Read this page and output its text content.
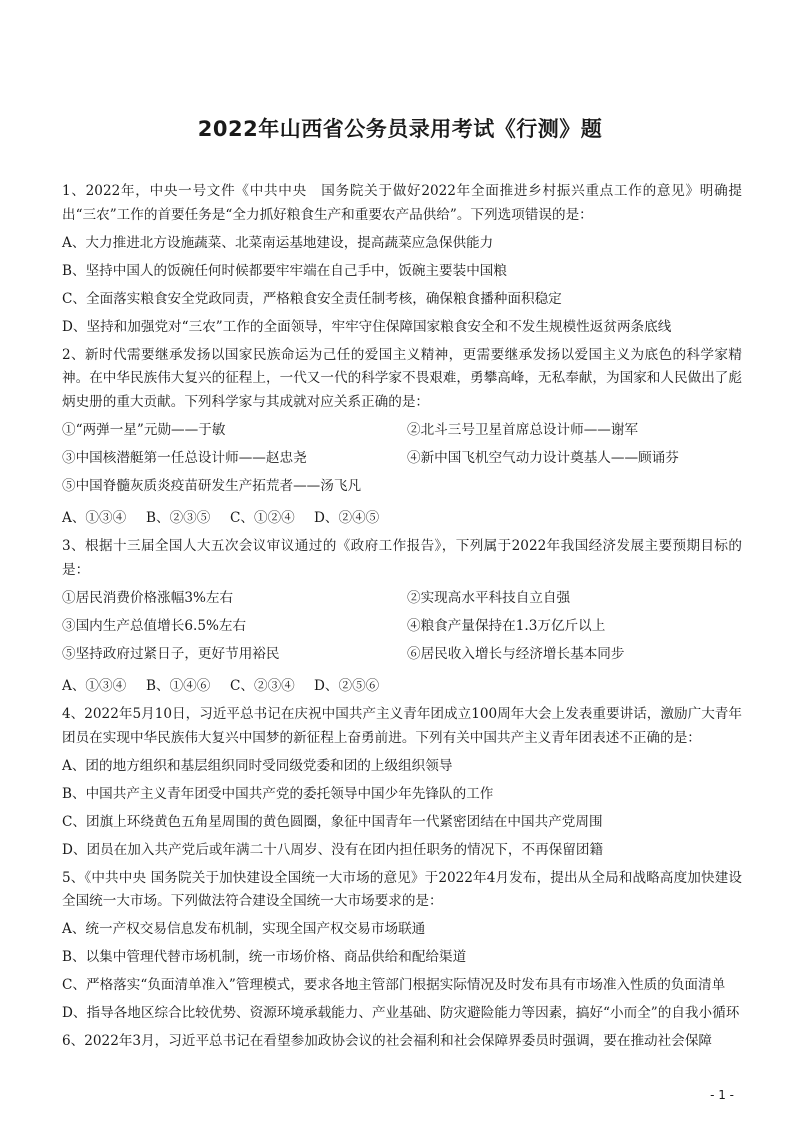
2022年山西省公务员录用考试《行测》题
1、2022年，中央一号文件《中共中央　国务院关于做好2022年全面推进乡村振兴重点工作的意见》明确提出“三农”工作的首要任务是“全力抓好粮食生产和重要农产品供给”。下列选项错误的是：
A、大力推进北方设施蔬菜、北菜南运基地建设，提高蔬菜应急保供能力
B、坚持中国人的饭碗任何时候都要牢牢端在自己手中，饭碗主要装中国粮
C、全面落实粮食安全党政同责，严格粮食安全责任制考核，确保粮食播种面积稳定
D、坚持和加强党对“三农”工作的全面领导，牢牢守住保障国家粮食安全和不发生规模性返贫两条底线
2、新时代需要继承发扬以国家民族命运为己任的爱国主义精神，更需要继承发扬以爱国主义为底色的科学家精神。在中华民族伟大复兴的征程上，一代又一代的科学家不畏艰难，勇攀高峰，无私奉献，为国家和人民做出了彪炳史册的重大贡献。下列科学家与其成就对应关系正确的是：
①“两弹一星”元勋——于敏	②北斗三号卫星首席总设计师——谢军
③中国核潜艇第一任总设计师——赵忠尧	④新中国飞机空气动力设计奠基人——顾诵芬
⑤中国脊髓灰质炎疫苗研发生产拓荒者——汤飞凡
A、①③④	B、②③⑤	C、①②④	D、②④⑤
3、根据十三届全国人大五次会议审议通过的《政府工作报告》，下列属于2022年我国经济发展主要预期目标的是：
①居民消费价格涨幅3%左右	②实现高水平科技自立自强
③国内生产总值增长6.5%左右	④粮食产量保持在1.3万亿斤以上
⑤坚持政府过紧日子，更好节用裕民	⑥居民收入增长与经济增长基本同步
A、①③④	B、①④⑥	C、②③④	D、②⑤⑥
4、2022年5月10日，习近平总书记在庆祝中国共产主义青年团成立100周年大会上发表重要讲话，激励广大青年团员在实现中华民族伟大复兴中国梦的新征程上奋勇前进。下列有关中国共产主义青年团表述不正确的是：
A、团的地方组织和基层组织同时受同级党委和团的上级组织领导
B、中国共产主义青年团受中国共产党的委托领导中国少年先锋队的工作
C、团旗上环绕黄色五角星周围的黄色圆圈，象征中国青年一代紧密团结在中国共产党周围
D、团员在加入共产党后或年满二十八周岁、没有在团内担任职务的情况下，不再保留团籍
5、《中共中央 国务院关于加快建设全国统一大市场的意见》于2022年4月发布，提出从全局和战略高度加快建设全国统一大市场。下列做法符合建设全国统一大市场要求的是：
A、统一产权交易信息发布机制，实现全国产权交易市场联通
B、以集中管理代替市场机制，统一市场价格、商品供给和配给渠道
C、严格落实“负面清单准入”管理模式，要求各地主管部门根据实际情况及时发布具有市场准入性质的负面清单
D、指导各地区综合比较优势、资源环境承载能力、产业基础、防灾避险能力等因素，搞好“小而全”的自我小循环
6、2022年3月，习近平总书记在看望参加政协会议的社会福利和社会保障界委员时强调，要在推动社会保障
- 1 -
